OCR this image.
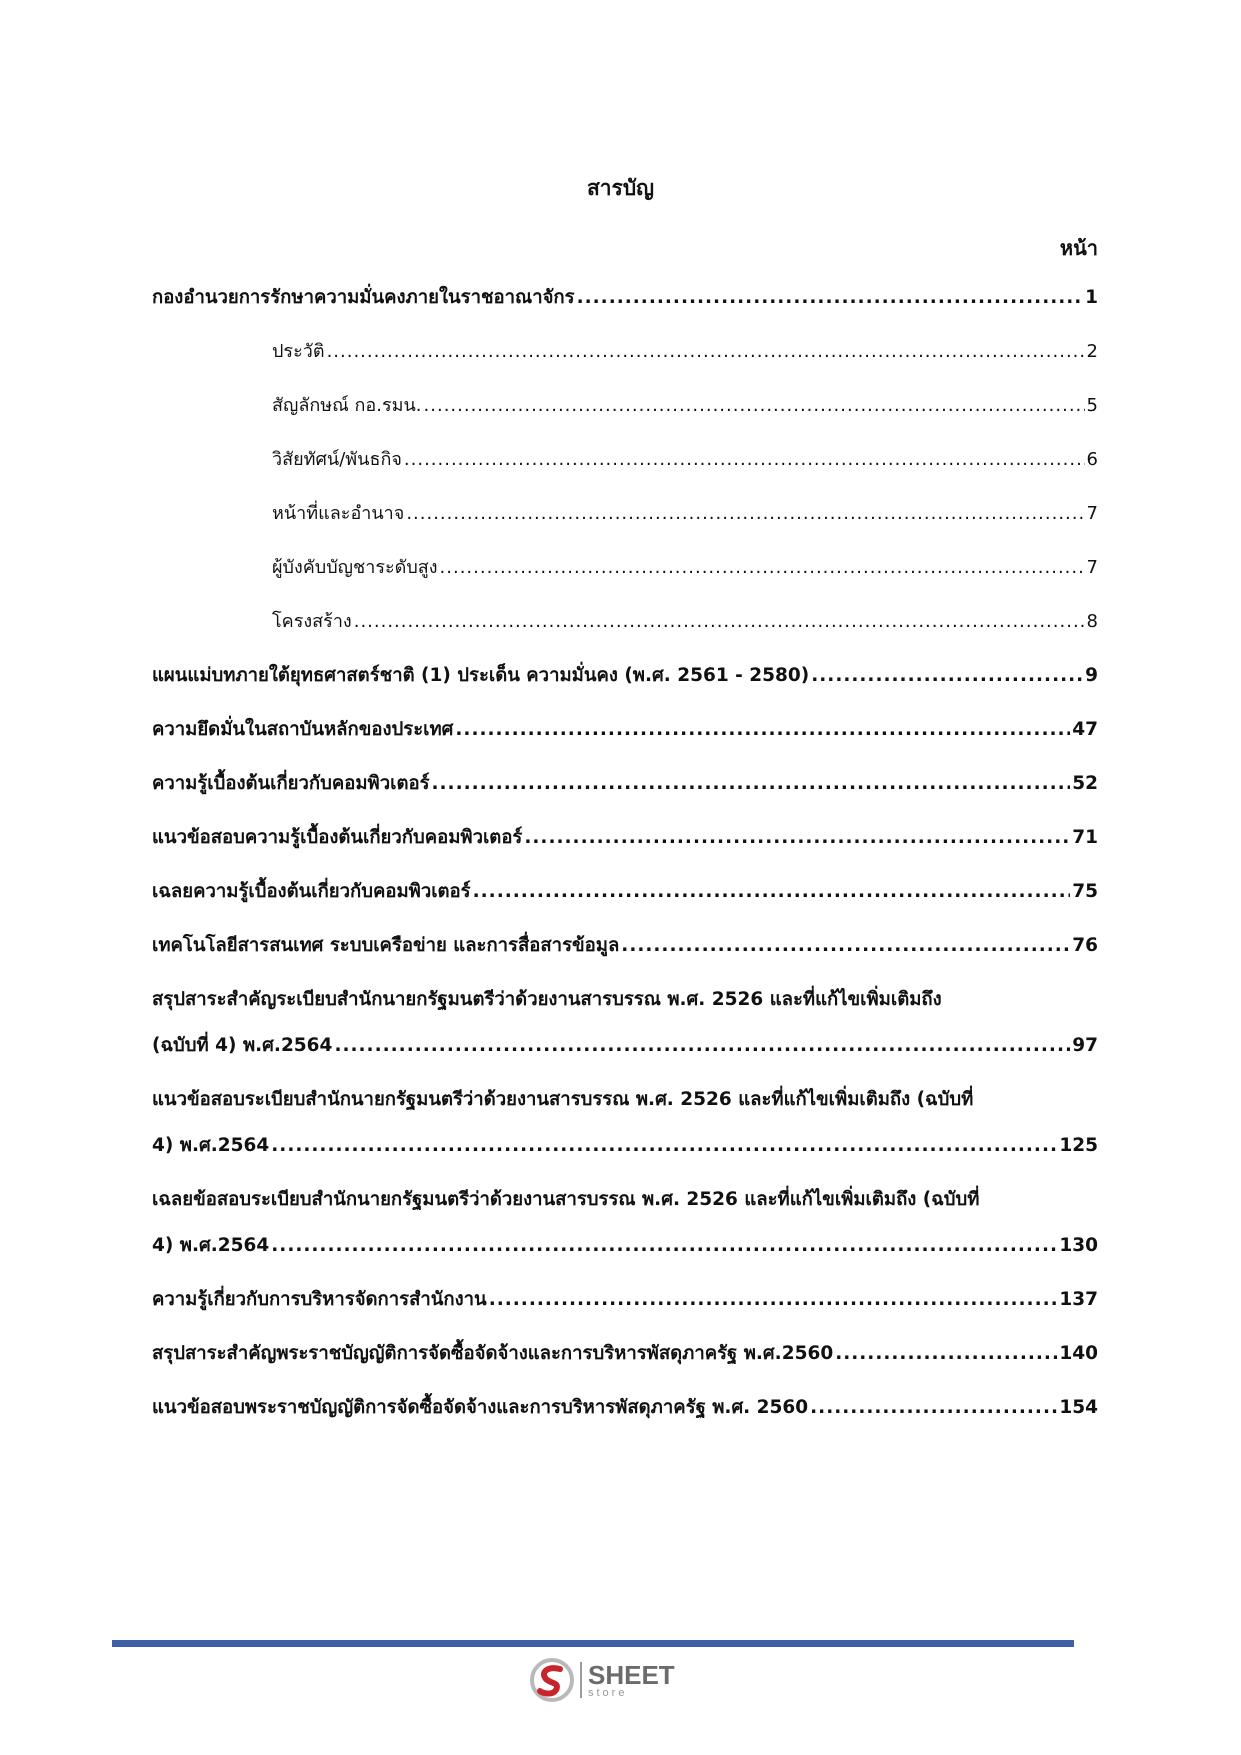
สารบัญ
หน้า
กองอำนวยการรักษาความมั่นคงภายในราชอาณาจักร .....	1
ประวัติ .....	2
สัญลักษณ์ กอ.รมน. .....	5
วิสัยทัศน์/พันธกิจ .....	6
หน้าที่และอำนาจ .....	7
ผู้บังคับบัญชาระดับสูง .....	7
โครงสร้าง .....	8
แผนแม่บทภายใต้ยุทธศาสตร์ชาติ (1) ประเด็น ความมั่นคง (พ.ศ. 2561 - 2580) .....	9
ความยึดมั่นในสถาบันหลักของประเทศ .....	47
ความรู้เบื้องต้นเกี่ยวกับคอมพิวเตอร์ .....	52
แนวข้อสอบความรู้เบื้องต้นเกี่ยวกับคอมพิวเตอร์ .....	71
เฉลยความรู้เบื้องต้นเกี่ยวกับคอมพิวเตอร์ .....	75
เทคโนโลยีสารสนเทศ ระบบเครือข่าย และการสื่อสารข้อมูล .....	76
สรุปสาระสำคัญระเบียบสำนักนายกรัฐมนตรีว่าด้วยงานสารบรรณ พ.ศ. 2526 และที่แก้ไขเพิ่มเติมถึง
(ฉบับที่ 4) พ.ศ.2564 .....	97
แนวข้อสอบระเบียบสำนักนายกรัฐมนตรีว่าด้วยงานสารบรรณ พ.ศ. 2526 และที่แก้ไขเพิ่มเติมถึง (ฉบับที่
4) พ.ศ.2564 .....	125
เฉลยข้อสอบระเบียบสำนักนายกรัฐมนตรีว่าด้วยงานสารบรรณ พ.ศ. 2526 และที่แก้ไขเพิ่มเติมถึง (ฉบับที่
4) พ.ศ.2564 .....	130
ความรู้เกี่ยวกับการบริหารจัดการสำนักงาน .....	137
สรุปสาระสำคัญพระราชบัญญัติการจัดซื้อจัดจ้างและการบริหารพัสดุภาครัฐ พ.ศ.2560 .....	140
แนวข้อสอบพระราชบัญญัติการจัดซื้อจัดจ้างและการบริหารพัสดุภาครัฐ พ.ศ. 2560 .....	154
SHEET
store
